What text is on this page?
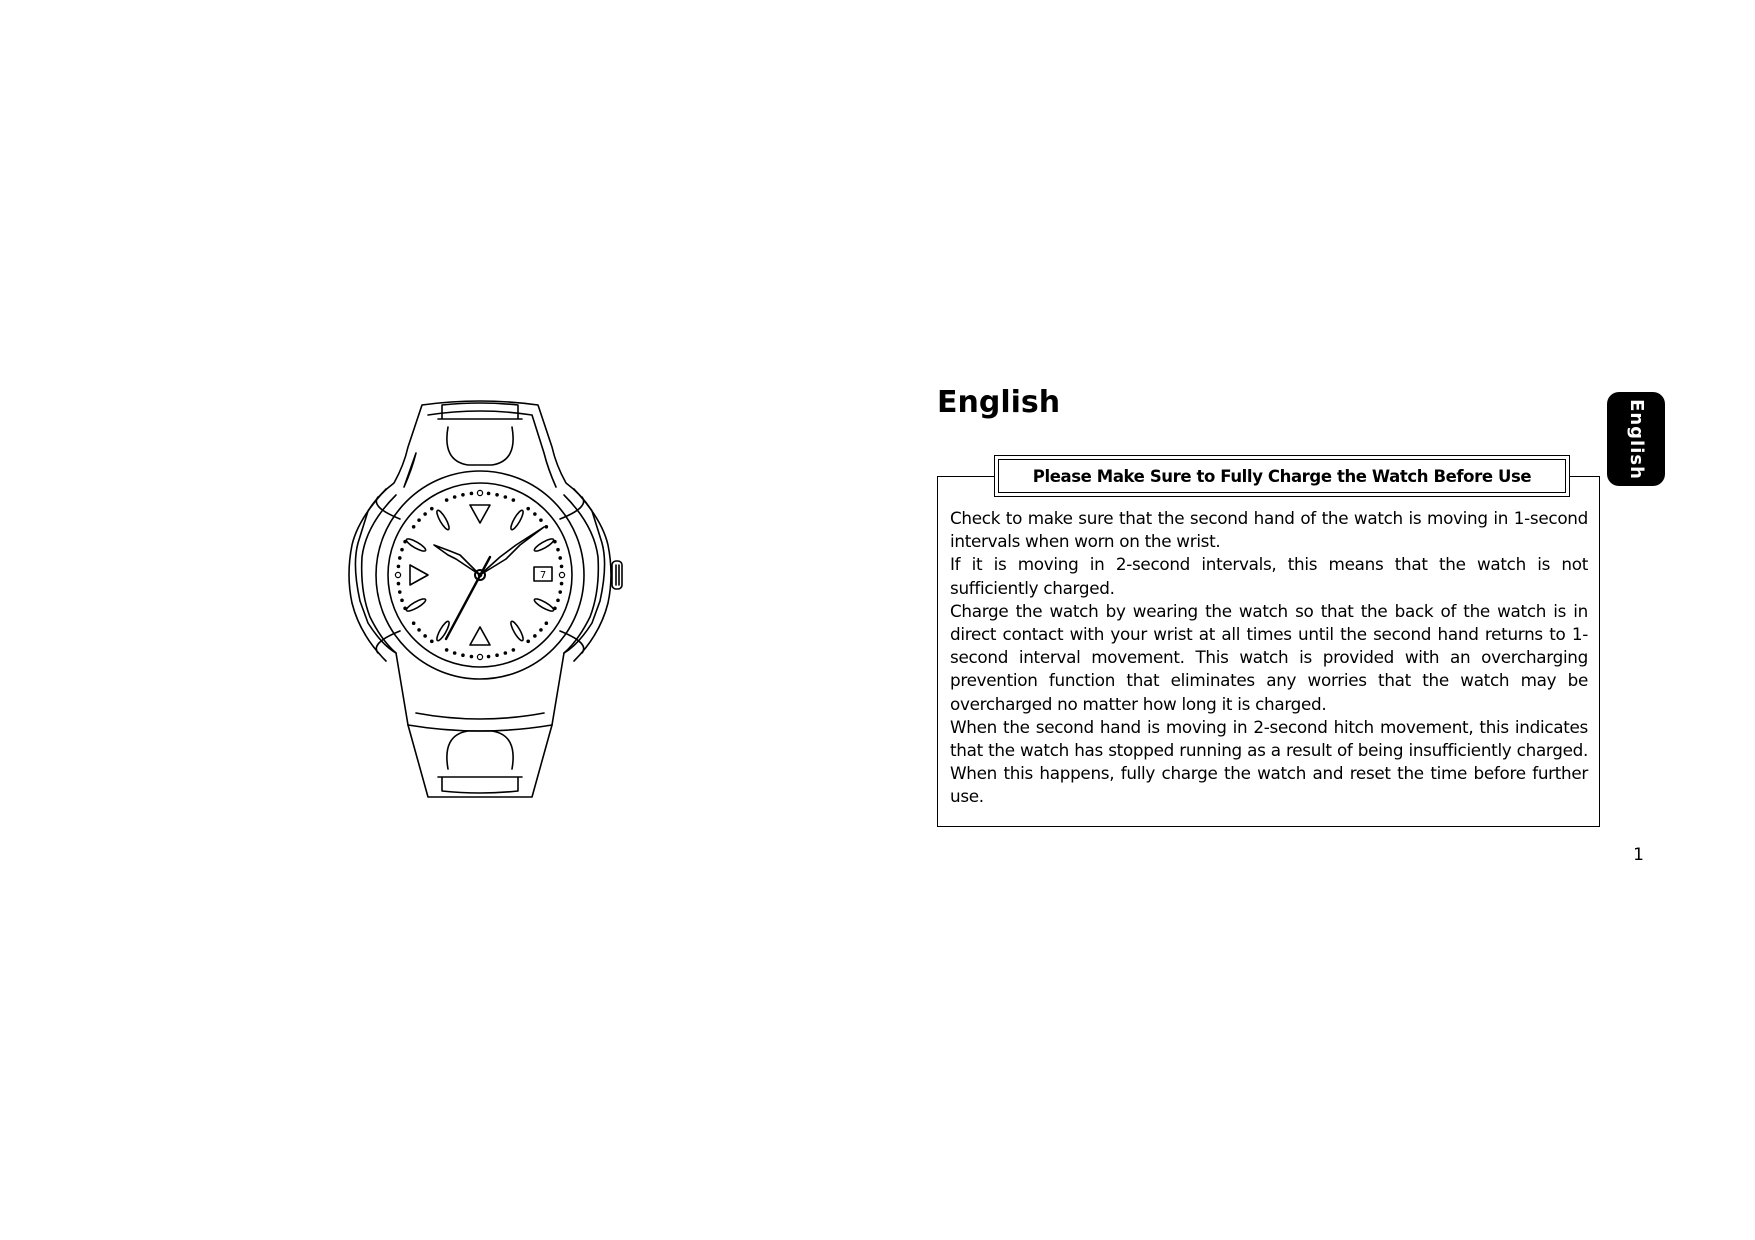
7
English
Please Make Sure to Fully Charge the Watch Before Use

Check to make sure that the second hand of the watch is moving in 1-second intervals when worn on the wrist.

If it is moving in 2-second intervals, this means that the watch is not sufficiently charged.

Charge the watch by wearing the watch so that the back of the watch is in direct contact with your wrist at all times until the second hand returns to 1-second interval movement. This watch is provided with an overcharging prevention function that eliminates any worries that the watch may be overcharged no matter how long it is charged.

When the second hand is moving in 2-second hitch movement, this indicates that the watch has stopped running as a result of being insufficiently charged. When this happens, fully charge the watch and reset the time before further use.

English
1
